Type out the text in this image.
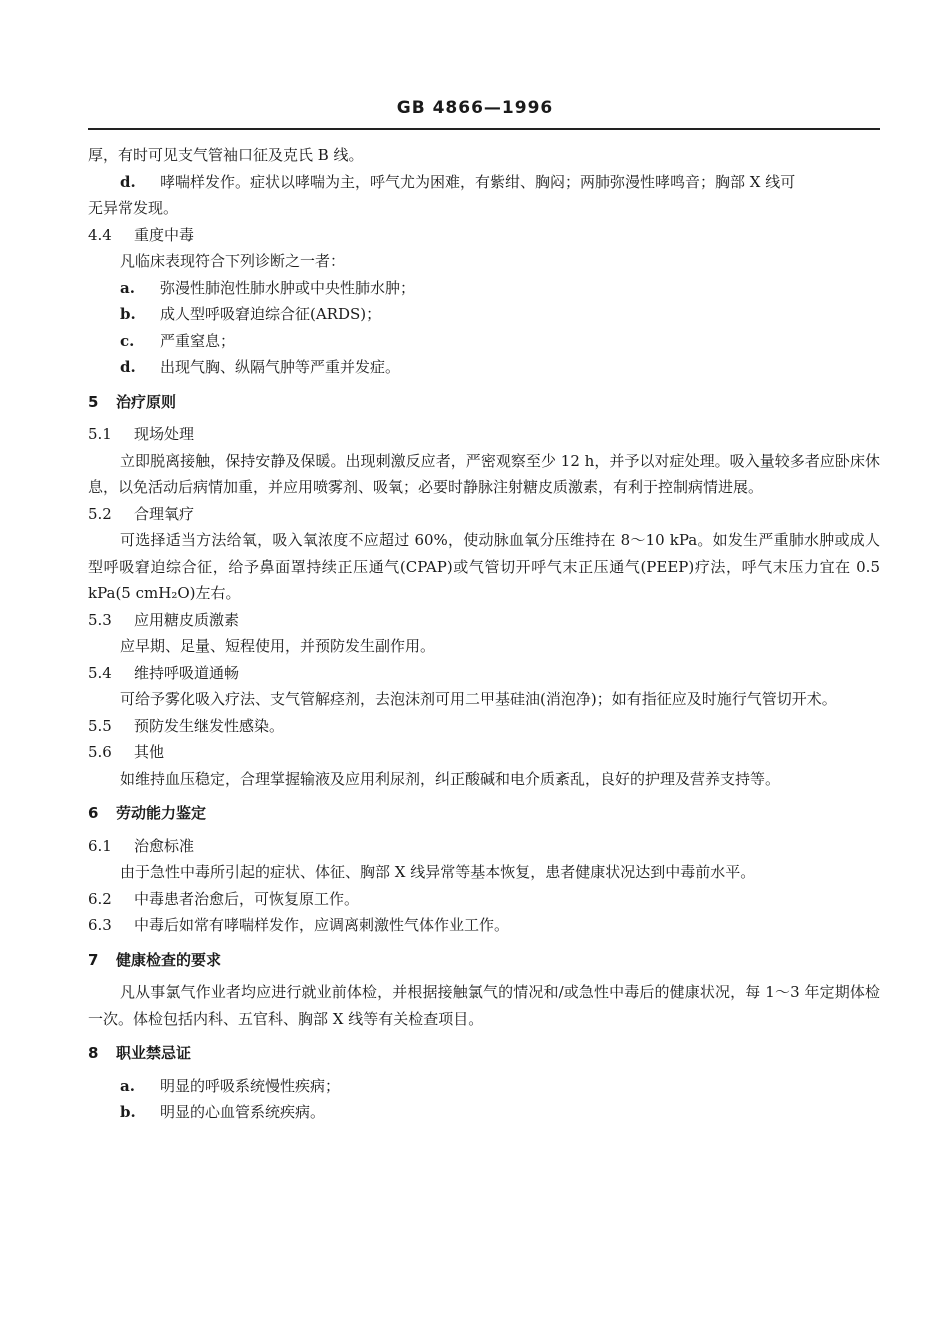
GB 4866—1996

厚，有时可见支气管袖口征及克氏 B 线。

d. 哮喘样发作。症状以哮喘为主，呼气尤为困难，有紫绀、胸闷；两肺弥漫性哮鸣音；胸部 X 线可

无异常发现。

4.4 重度中毒

凡临床表现符合下列诊断之一者：

a. 弥漫性肺泡性肺水肿或中央性肺水肿；

b. 成人型呼吸窘迫综合征(ARDS)；

c. 严重窒息；

d. 出现气胸、纵隔气肿等严重并发症。

5 治疗原则

5.1 现场处理

立即脱离接触，保持安静及保暖。出现刺激反应者，严密观察至少 12 h，并予以对症处理。吸入量较多者应卧床休息，以免活动后病情加重，并应用喷雾剂、吸氧；必要时静脉注射糖皮质激素，有利于控制病情进展。

5.2 合理氧疗

可选择适当方法给氧，吸入氧浓度不应超过 60%，使动脉血氧分压维持在 8～10 kPa。如发生严重肺水肿或成人型呼吸窘迫综合征，给予鼻面罩持续正压通气(CPAP)或气管切开呼气末正压通气(PEEP)疗法，呼气末压力宜在 0.5 kPa(5 cmH₂O)左右。

5.3 应用糖皮质激素

应早期、足量、短程使用，并预防发生副作用。

5.4 维持呼吸道通畅

可给予雾化吸入疗法、支气管解痉剂，去泡沫剂可用二甲基硅油(消泡净)；如有指征应及时施行气管切开术。

5.5 预防发生继发性感染。

5.6 其他

如维持血压稳定，合理掌握输液及应用利尿剂，纠正酸碱和电介质紊乱，良好的护理及营养支持等。

6 劳动能力鉴定

6.1 治愈标准

由于急性中毒所引起的症状、体征、胸部 X 线异常等基本恢复，患者健康状况达到中毒前水平。

6.2 中毒患者治愈后，可恢复原工作。

6.3 中毒后如常有哮喘样发作，应调离刺激性气体作业工作。

7 健康检查的要求

凡从事氯气作业者均应进行就业前体检，并根据接触氯气的情况和/或急性中毒后的健康状况，每 1～3 年定期体检一次。体检包括内科、五官科、胸部 X 线等有关检查项目。

8 职业禁忌证

a. 明显的呼吸系统慢性疾病；

b. 明显的心血管系统疾病。
